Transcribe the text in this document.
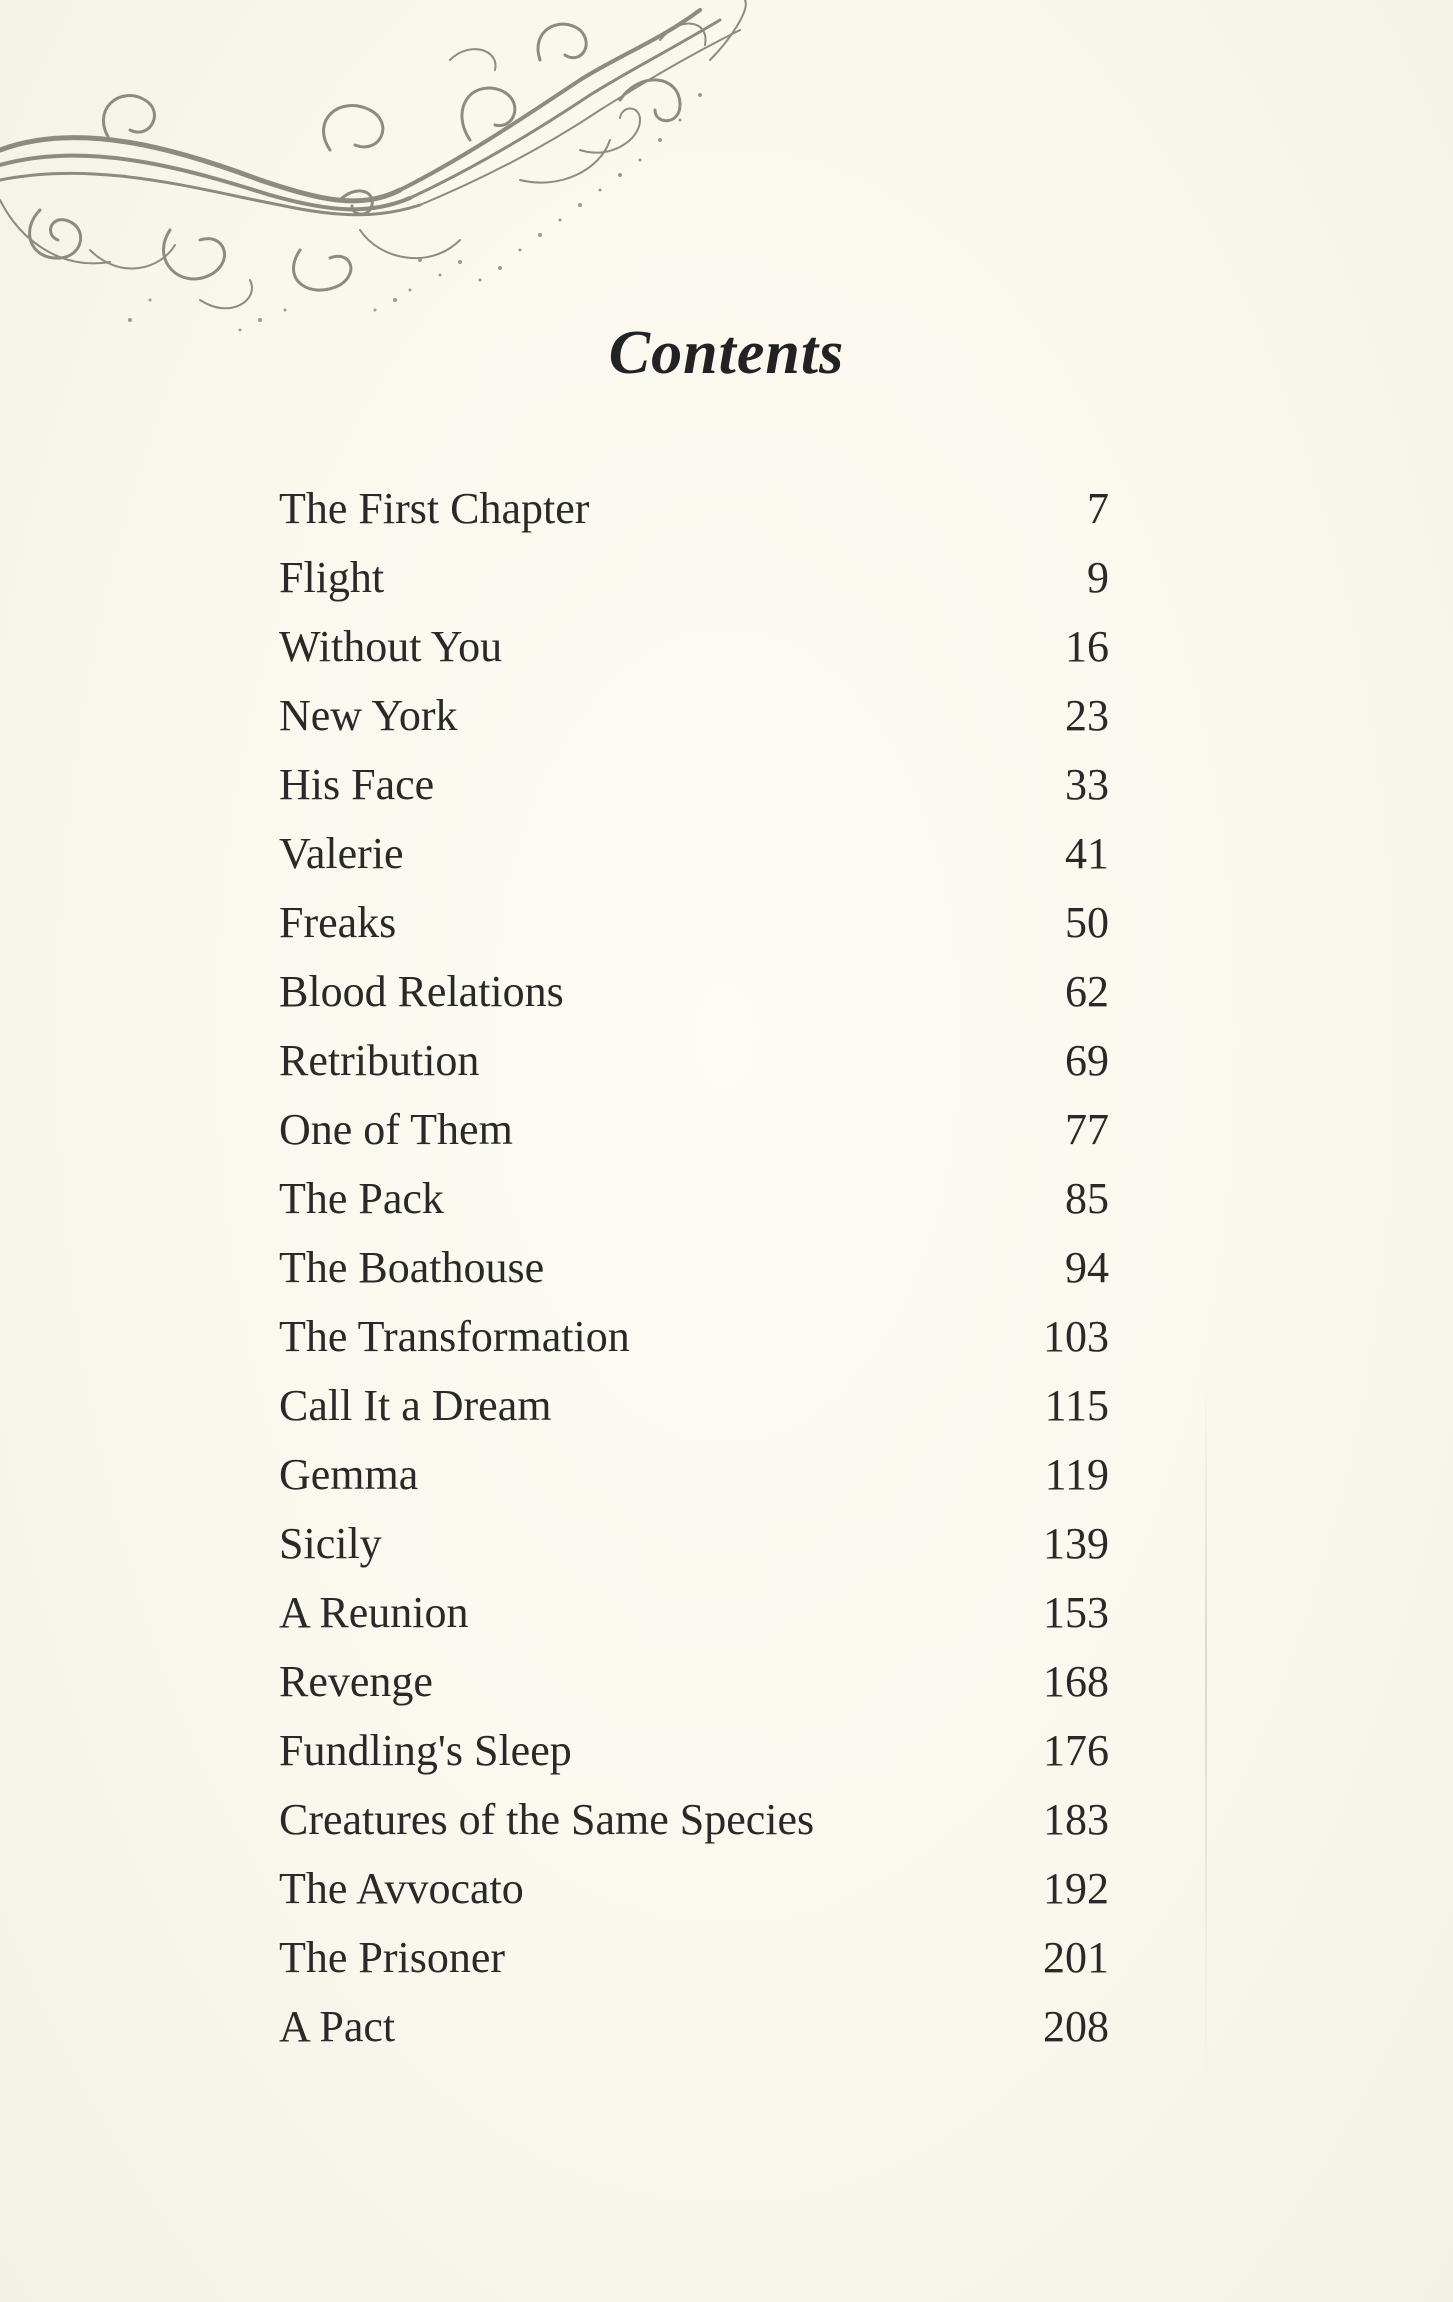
Contents
The First Chapter	7
Flight	9
Without You	16
New York	23
His Face	33
Valerie	41
Freaks	50
Blood Relations	62
Retribution	69
One of Them	77
The Pack	85
The Boathouse	94
The Transformation	103
Call It a Dream	115
Gemma	119
Sicily	139
A Reunion	153
Revenge	168
Fundling's Sleep	176
Creatures of the Same Species	183
The Avvocato	192
The Prisoner	201
A Pact	208
